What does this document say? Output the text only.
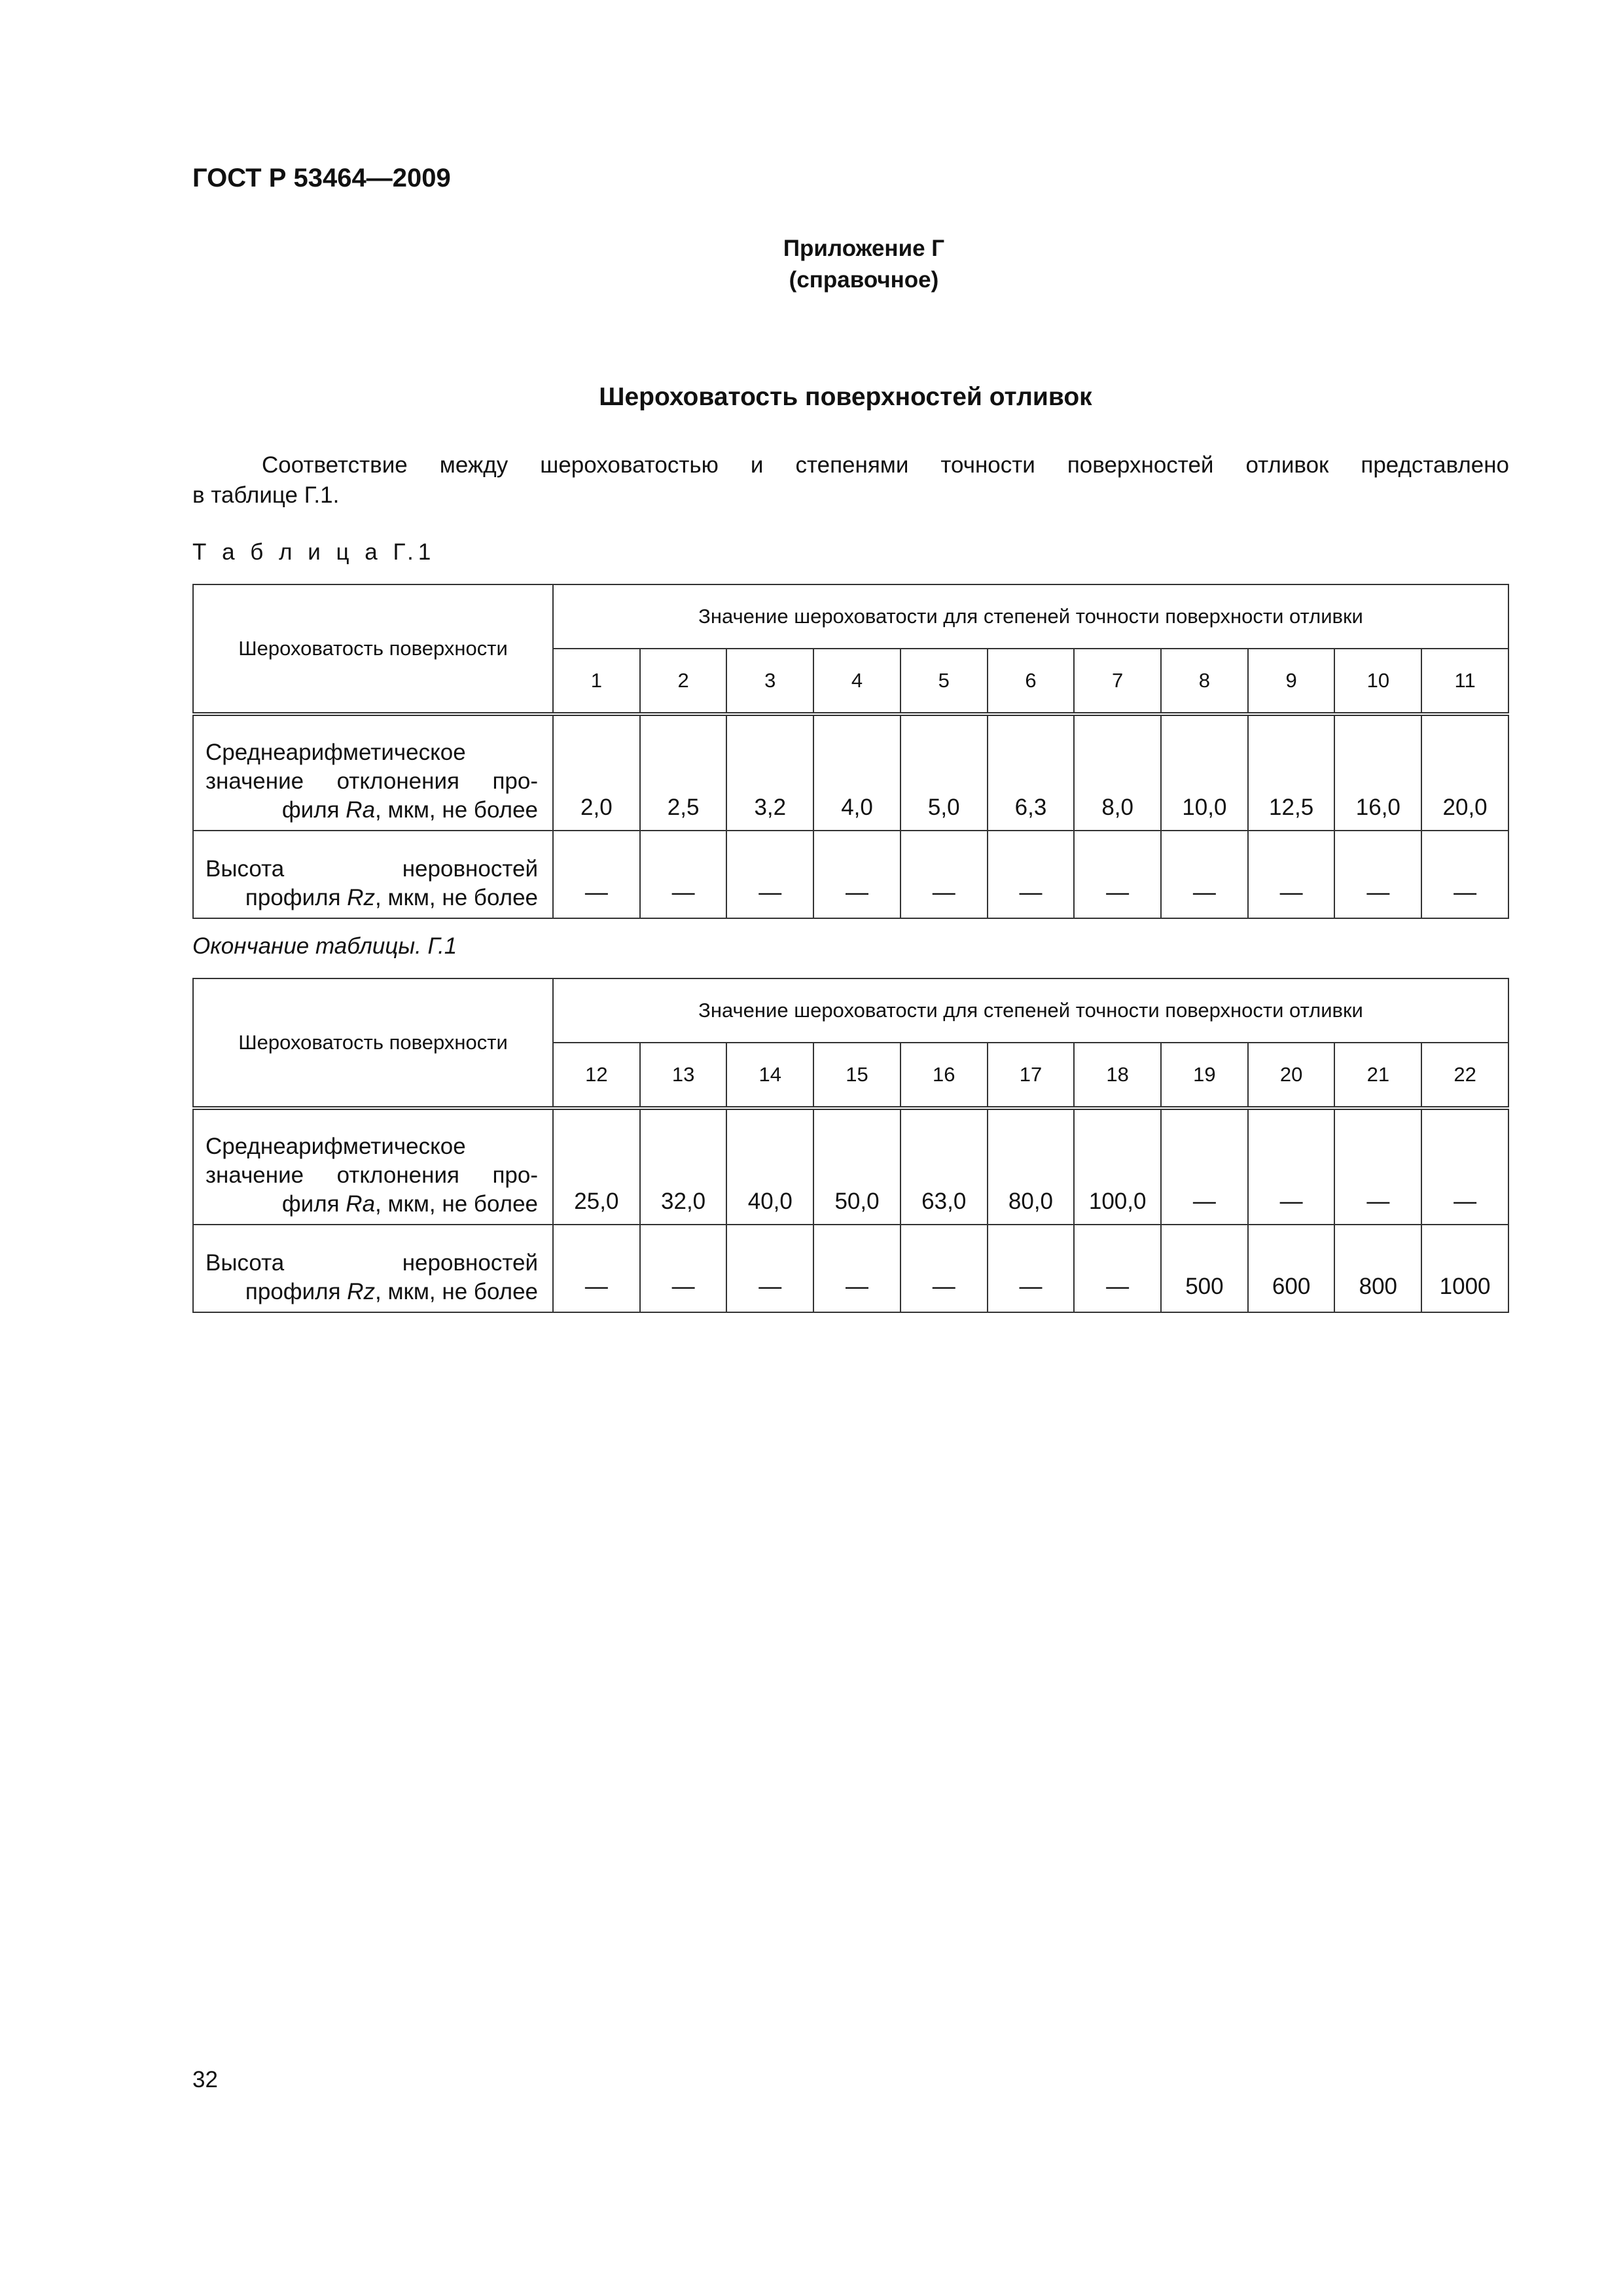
ГОСТ Р 53464—2009
Приложение Г
(справочное)
Шероховатость поверхностей отливок
Соответствие между шероховатостью и степенями точности поверхностей отливок представлено
в таблице Г.1.
Т а б л и ц а Г.1
Шероховатость поверхности	Значение шероховатости для степеней точности поверхности отливки										
	1	2	3	4	5	6	7	8	9	10	11

Среднеарифметическое
значение отклонения про-
филя Ra, мкм, не более	2,0	2,5	3,2	4,0	5,0	6,3	8,0	10,0	12,5	16,0	20,0

Высота неровностей
профиля Rz, мкм, не более	—	—	—	—	—	—	—	—	—	—	—
Окончание таблицы. Г.1
Шероховатость поверхности	Значение шероховатости для степеней точности поверхности отливки										
	12	13	14	15	16	17	18	19	20	21	22

Среднеарифметическое
значение отклонения про-
филя Ra, мкм, не более	25,0	32,0	40,0	50,0	63,0	80,0	100,0	—	—	—	—

Высота неровностей
профиля Rz, мкм, не более	—	—	—	—	—	—	—	500	600	800	1000
32
